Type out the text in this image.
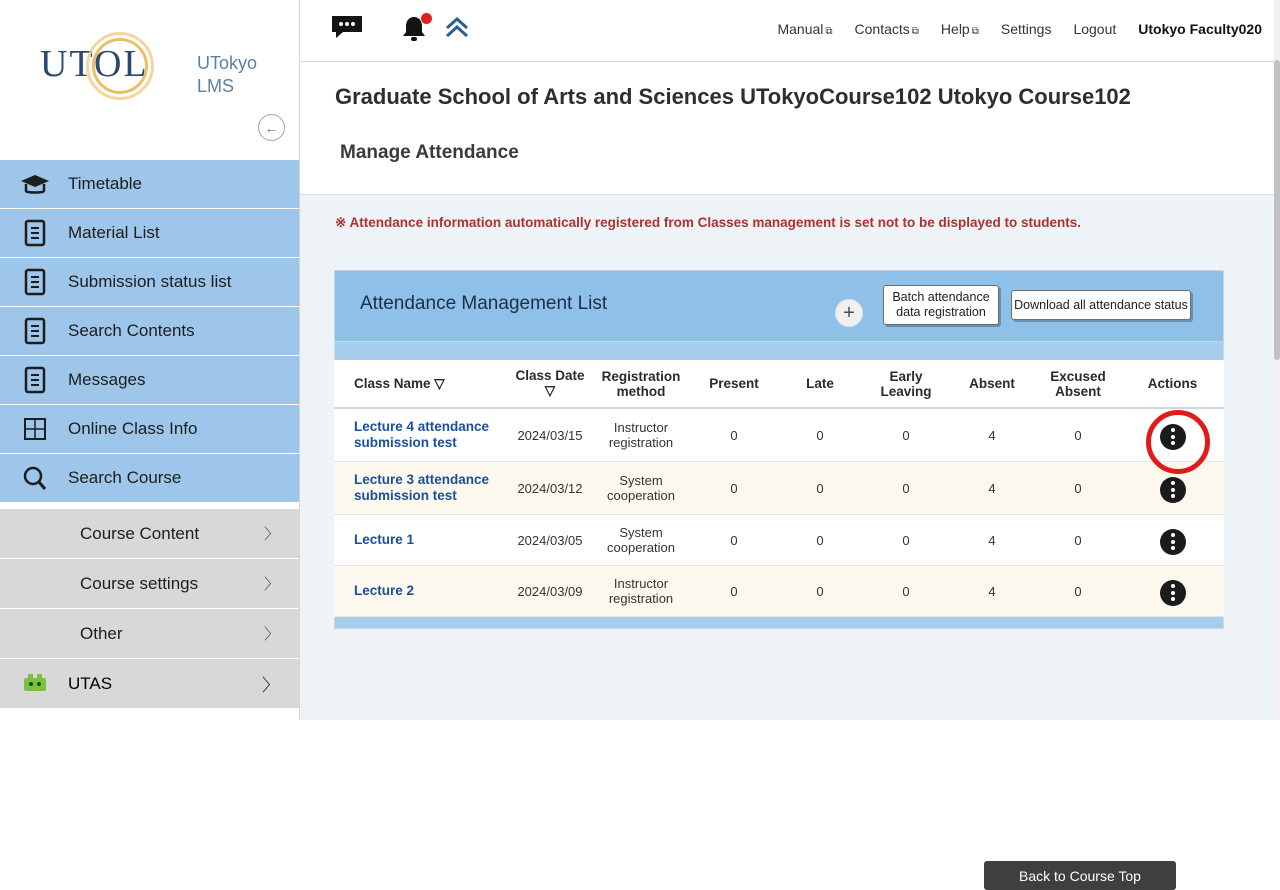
UTOL	UTokyo
LMS
←
Timetable
Material List
Submission status list
Search Contents
Messages
Online Class Info
Search Course
Course Content	〉
Course settings	〉
Other	〉
UTAS	〉
Manual ⧉ Contacts ⧉ Help ⧉ Settings Logout Utokyo Faculty020
Graduate School of Arts and Sciences UTokyoCourse102 Utokyo Course102
Manage Attendance
※ Attendance information automatically registered from Classes management is set not to be displayed to students.
Attendance Management List	+
Batch attendance
data registration
Download all attendance status
Class Name ▽	Class Date ▽	Registration method	Present	Late	Early Leaving	Absent	Excused Absent	Actions
Lecture 4 attendance submission test	2024/03/15	Instructor registration	0	0	0	4	0	

Lecture 3 attendance submission test	2024/03/12	System cooperation	0	0	0	4	0	

Lecture 1	2024/03/05	System cooperation	0	0	0	4	0	

Lecture 2	2024/03/09	Instructor registration	0	0	0	4	0	
Back to Course Top
